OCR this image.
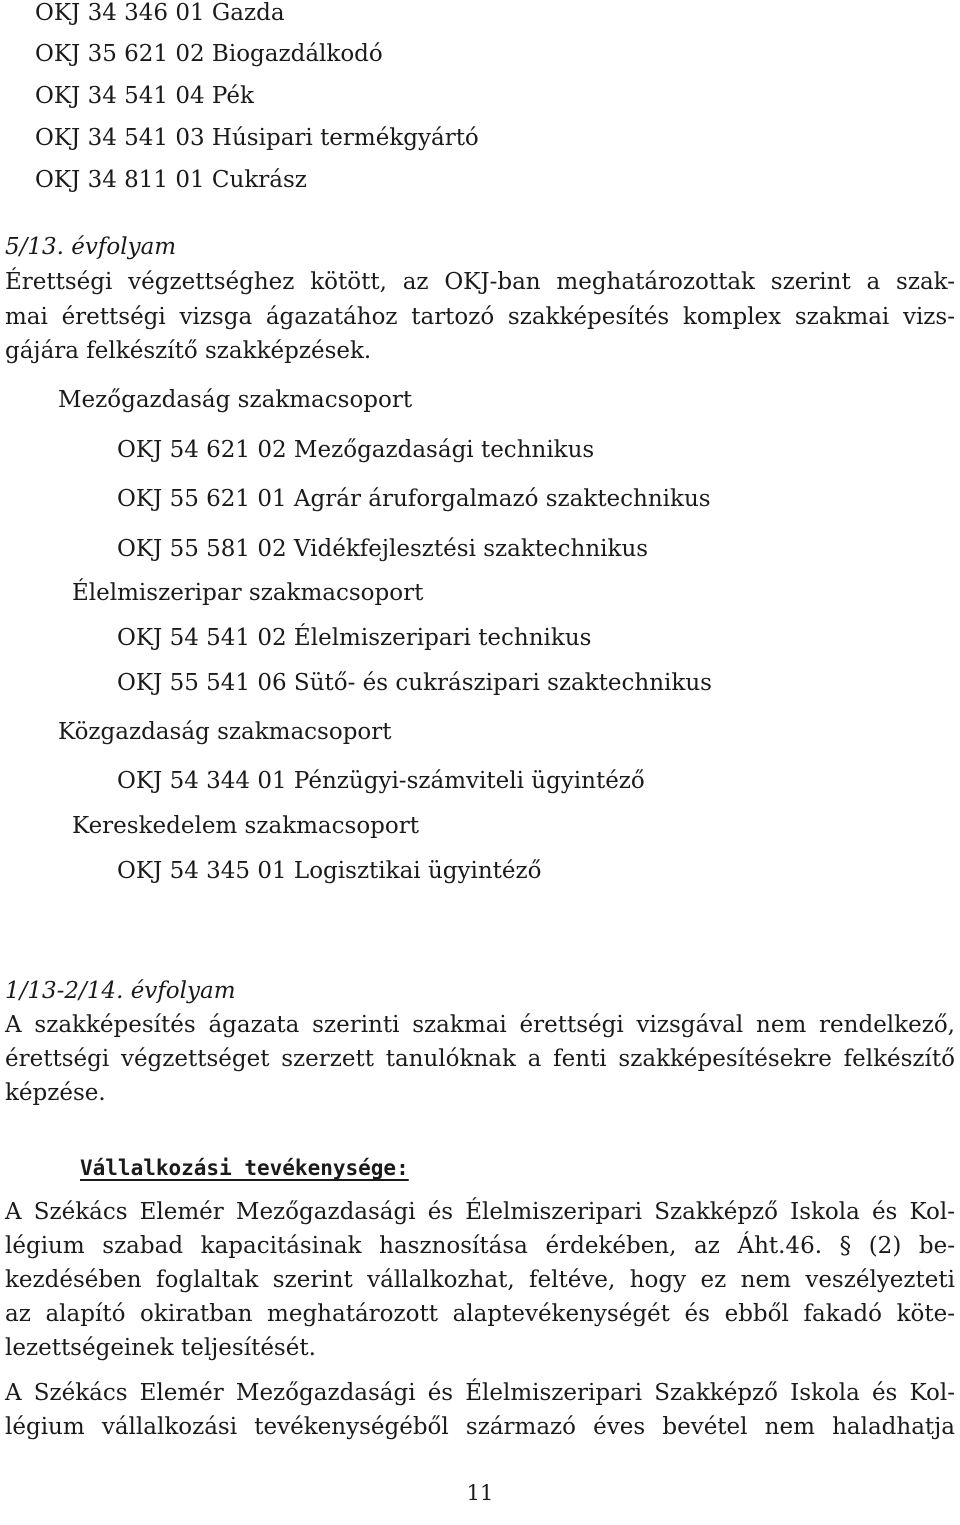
OKJ 34 346 01 Gazda
OKJ 35 621 02 Biogazdálkodó
OKJ 34 541 04 Pék
OKJ 34 541 03 Húsipari termékgyártó
OKJ 34 811 01 Cukrász
5/13. évfolyam
Érettségi végzettséghez kötött, az OKJ-ban meghatározottak szerint a szak-
mai érettségi vizsga ágazatához tartozó szakképesítés komplex szakmai vizs-
gájára felkészítő szakképzések.
Mezőgazdaság szakmacsoport
OKJ 54 621 02 Mezőgazdasági technikus
OKJ 55 621 01 Agrár áruforgalmazó szaktechnikus
OKJ 55 581 02 Vidékfejlesztési szaktechnikus
Élelmiszeripar szakmacsoport
OKJ 54 541 02 Élelmiszeripari technikus
OKJ 55 541 06 Sütő- és cukrászipari szaktechnikus
Közgazdaság szakmacsoport
OKJ 54 344 01 Pénzügyi-számviteli ügyintéző
Kereskedelem szakmacsoport
OKJ 54 345 01 Logisztikai ügyintéző
1/13-2/14. évfolyam
A szakképesítés ágazata szerinti szakmai érettségi vizsgával nem rendelkező,
érettségi végzettséget szerzett tanulóknak a fenti szakképesítésekre felkészítő
képzése.
Vállalkozási tevékenysége:
A Székács Elemér Mezőgazdasági és Élelmiszeripari Szakképző Iskola és Kol-
légium szabad kapacitásinak hasznosítása érdekében, az Áht.46. § (2) be-
kezdésében foglaltak szerint vállalkozhat, feltéve, hogy ez nem veszélyezteti
az alapító okiratban meghatározott alaptevékenységét és ebből fakadó köte-
lezettségeinek teljesítését.
A Székács Elemér Mezőgazdasági és Élelmiszeripari Szakképző Iskola és Kol-
légium vállalkozási tevékenységéből származó éves bevétel nem haladhatja
11
